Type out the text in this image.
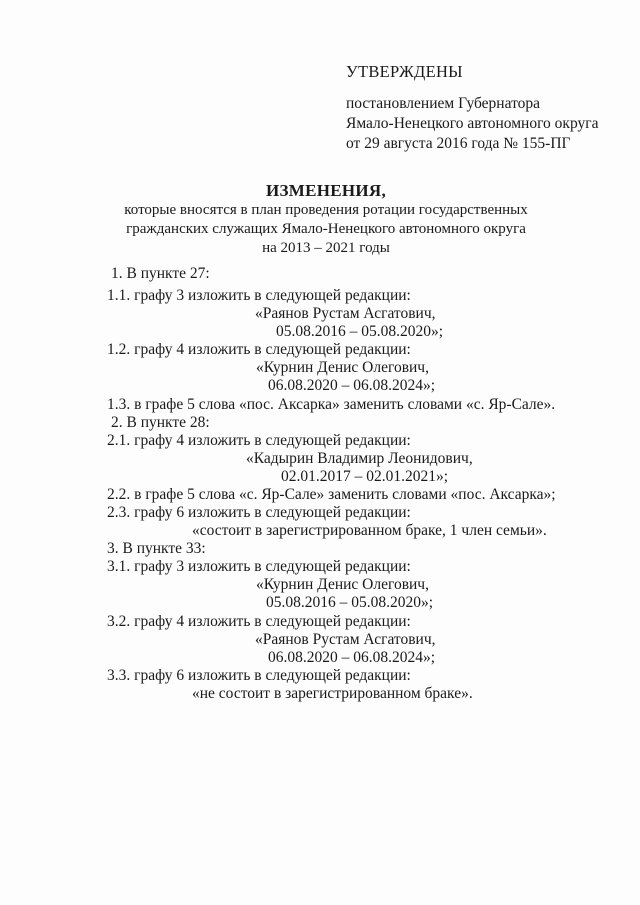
УТВЕРЖДЕНЫ
постановлением Губернатора
Ямало-Ненецкого автономного округа
от 29 августа 2016 года № 155-ПГ
ИЗМЕНЕНИЯ,
которые вносятся в план проведения ротации государственных
гражданских служащих Ямало-Ненецкого автономного округа
на 2013 – 2021 годы
1. В пункте 27:
1.1. графу 3 изложить в следующей редакции:
«Раянов Рустам Асгатович,
05.08.2016 – 05.08.2020»;
1.2. графу 4 изложить в следующей редакции:
«Курнин Денис Олегович,
06.08.2020 – 06.08.2024»;
1.3. в графе 5 слова «пос. Аксарка» заменить словами «с. Яр-Сале».
2. В пункте 28:
2.1. графу 4 изложить в следующей редакции:
«Кадырин Владимир Леонидович,
02.01.2017 – 02.01.2021»;
2.2. в графе 5 слова «с. Яр-Сале» заменить словами «пос. Аксарка»;
2.3. графу 6 изложить в следующей редакции:
«состоит в зарегистрированном браке, 1 член семьи».
3. В пункте 33:
3.1. графу 3 изложить в следующей редакции:
«Курнин Денис Олегович,
05.08.2016 – 05.08.2020»;
3.2. графу 4 изложить в следующей редакции:
«Раянов Рустам Асгатович,
06.08.2020 – 06.08.2024»;
3.3. графу 6 изложить в следующей редакции:
«не состоит в зарегистрированном браке».
